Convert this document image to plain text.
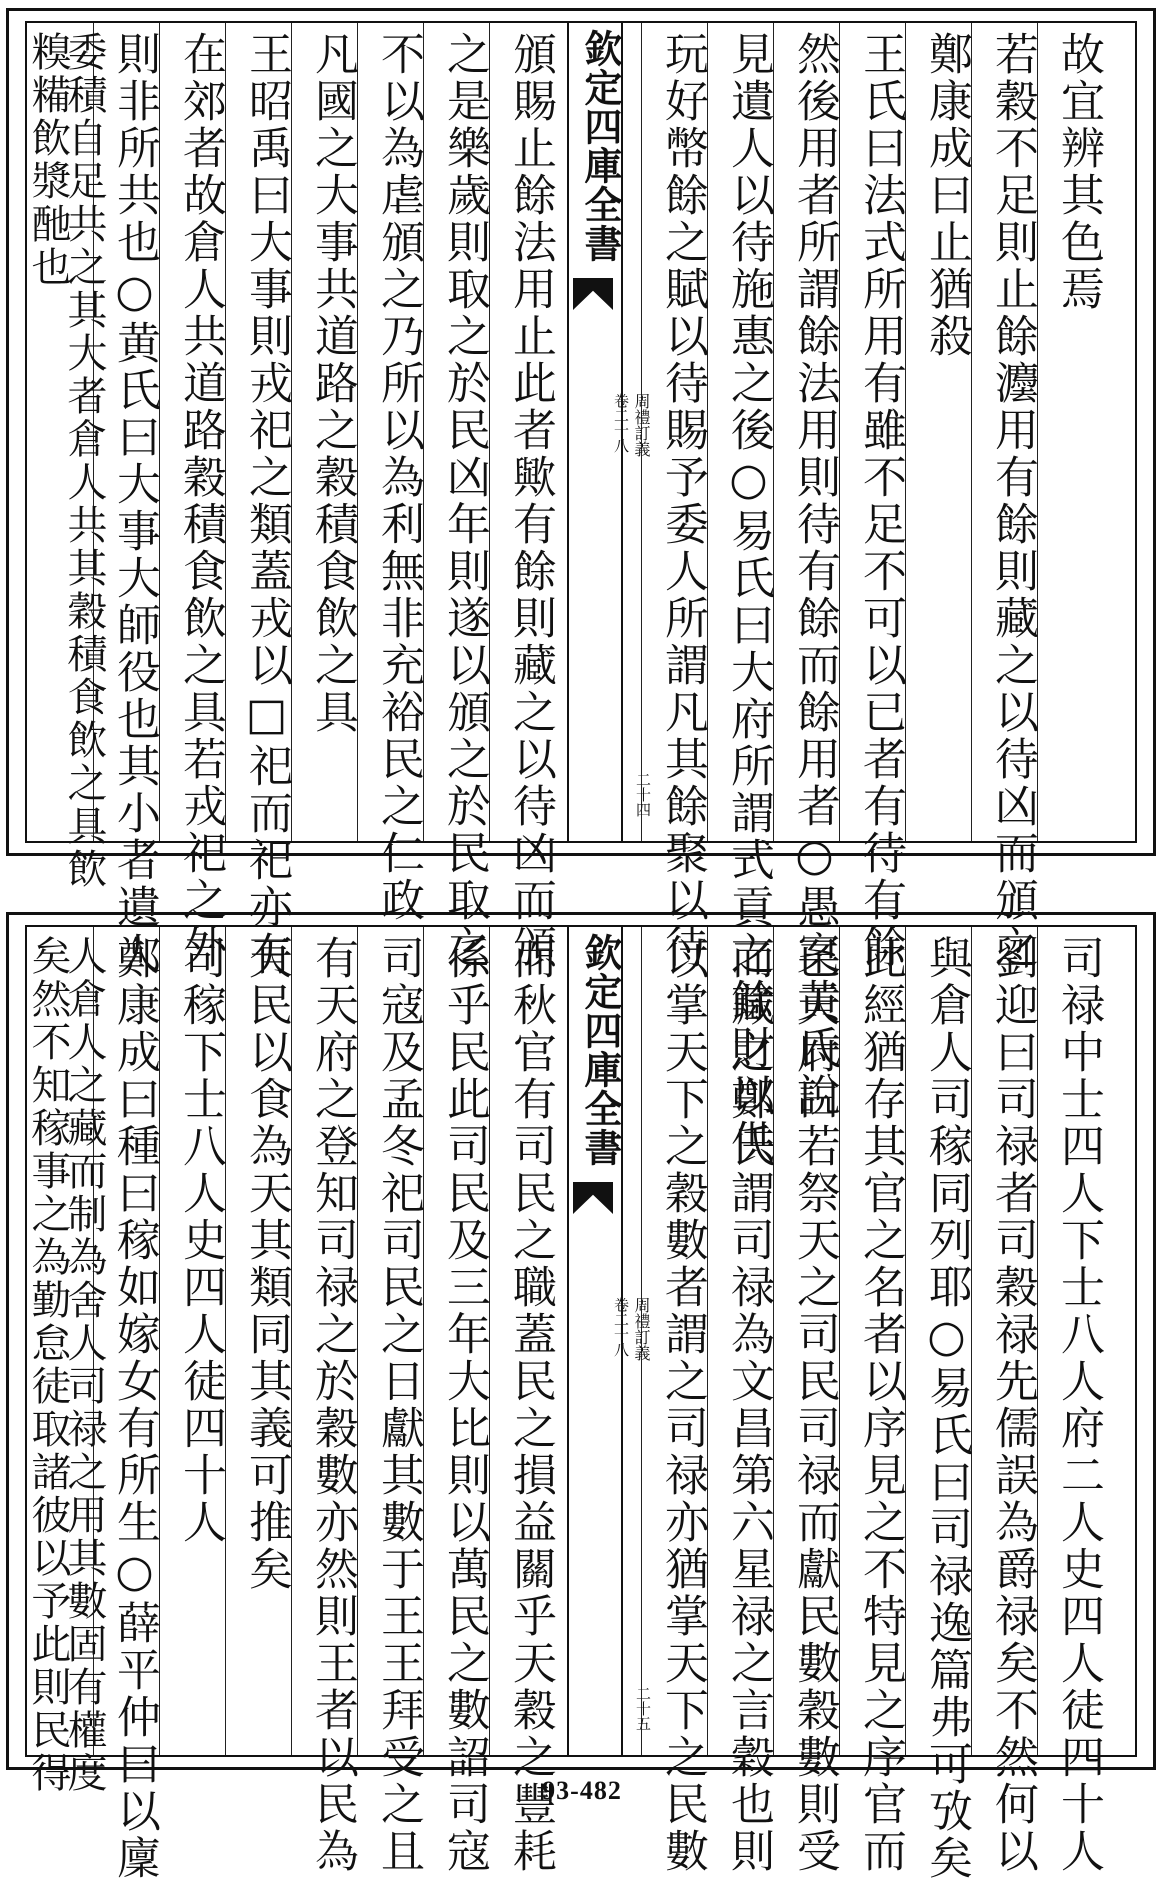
故宜辨其色焉
若穀不足則止餘灋用有餘則藏之以待凶而頒之
鄭康成曰止猶殺
王氏曰法式所用有雖不足不可以已者有待有餘
然後用者所謂餘法用則待有餘而餘用者○愚案黄氏說
見遺人以待施惠之後○易氏曰大府所謂式貢之餘財以供
玩好幣餘之賦以待賜予委人所謂凡其餘聚以待
欽定四庫全書
周禮訂義
卷二十八
二十四
頒賜止餘法用止此者歟有餘則藏之以待凶而頒
之是樂歲則取之於民凶年則遂以頒之於民取之
不以為虐頒之乃所以為利無非充裕民之仁政
凡國之大事共道路之穀積食飲之具
王昭禹曰大事則戎祀之類蓋戎以□祀而祀亦有
在郊者故倉人共道路穀積食飲之具若戎祀之外
則非所共也○黄氏曰大事大師役也其小者遺人
委積自足共之其大者倉人共其穀積食飲之具飲
糗糒飲漿酏也
司禄中士四人下士八人府二人史四人徒四十人
劉迎曰司禄者司穀禄先儒誤為爵禄矣不然何以
與倉人司稼同列耶○易氏曰司禄逸篇弗可攷矣
此經猶存其官之名者以序見之不特見之序官而
已天府曰若祭天之司民司禄而獻民數穀數則受
而藏之鄭氏謂司禄為文昌第六星禄之言穀也則
以掌天下之穀數者謂之司禄亦猶掌天下之民數
欽定四庫全書
周禮訂義
卷二十八
二十五
而秋官有司民之職蓋民之損益關乎天穀之豐耗
係乎民此司民及三年大比則以萬民之數詔司寇
司寇及孟冬祀司民之日獻其數于王王拜受之且
有天府之登知司禄之於穀數亦然則王者以民為
天民以食為天其類同其義可推矣
司稼下士八人史四人徒四十人
鄭康成曰種曰稼如嫁女有所生○薛平仲曰以廩
人倉人之藏而制為舍人司禄之用其數固有權度
矣然不知稼事之為勤怠徒取諸彼以予此則民得	93-482
